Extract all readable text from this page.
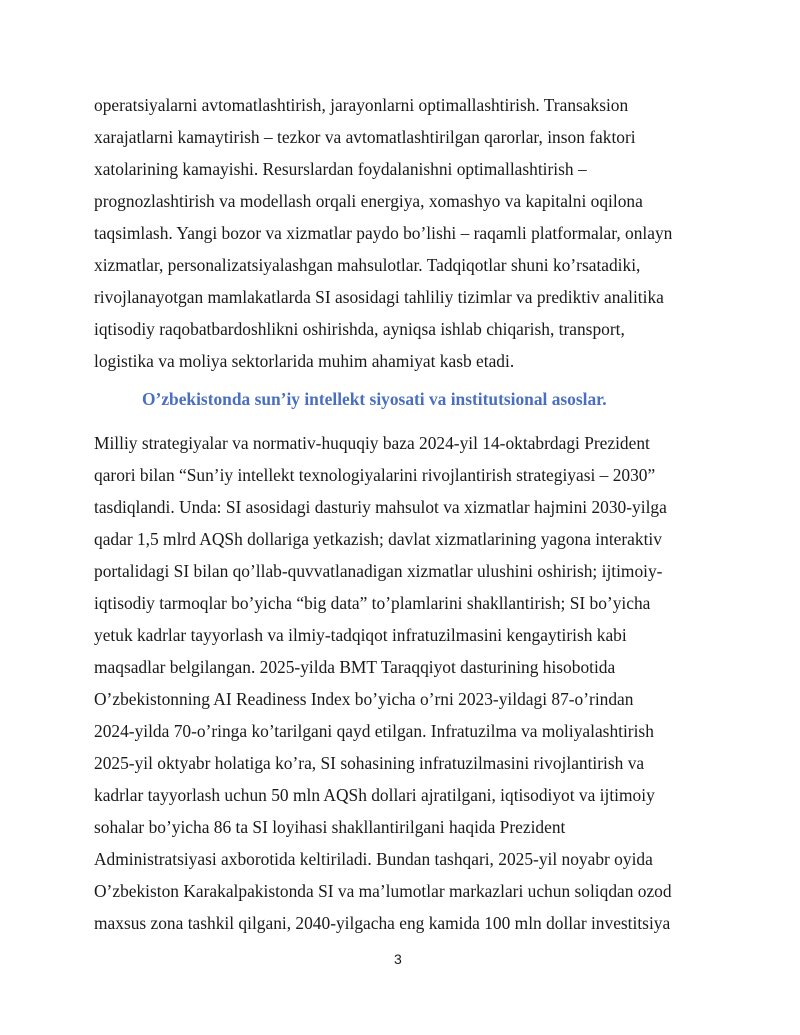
operatsiyalarni avtomatlashtirish, jarayonlarni optimallashtirish. Transaksion
xarajatlarni kamaytirish – tezkor va avtomatlashtirilgan qarorlar, inson faktori
xatolarining kamayishi. Resurslardan foydalanishni optimallashtirish –
prognozlashtirish va modellash orqali energiya, xomashyo va kapitalni oqilona
taqsimlash. Yangi bozor va xizmatlar paydo bo’lishi – raqamli platformalar, onlayn
xizmatlar, personalizatsiyalashgan mahsulotlar. Tadqiqotlar shuni ko’rsatadiki,
rivojlanayotgan mamlakatlarda SI asosidagi tahliliy tizimlar va prediktiv analitika
iqtisodiy raqobatbardoshlikni oshirishda, ayniqsa ishlab chiqarish, transport,
logistika va moliya sektorlarida muhim ahamiyat kasb etadi.
O’zbekistonda sun’iy intellekt siyosati va institutsional asoslar.
Milliy strategiyalar va normativ-huquqiy baza 2024-yil 14-oktabrdagi Prezident
qarori bilan “Sun’iy intellekt texnologiyalarini rivojlantirish strategiyasi – 2030”
tasdiqlandi. Unda: SI asosidagi dasturiy mahsulot va xizmatlar hajmini 2030-yilga
qadar 1,5 mlrd AQSh dollariga yetkazish; davlat xizmatlarining yagona interaktiv
portalidagi SI bilan qo’llab-quvvatlanadigan xizmatlar ulushini oshirish; ijtimoiy-
iqtisodiy tarmoqlar bo’yicha “big data” to’plamlarini shakllantirish; SI bo’yicha
yetuk kadrlar tayyorlash va ilmiy-tadqiqot infratuzilmasini kengaytirish kabi
maqsadlar belgilangan. 2025-yilda BMT Taraqqiyot dasturining hisobotida
O’zbekistonning AI Readiness Index bo’yicha o’rni 2023-yildagi 87-o’rindan
2024-yilda 70-o’ringa ko’tarilgani qayd etilgan. Infratuzilma va moliyalashtirish
2025-yil oktyabr holatiga ko’ra, SI sohasining infratuzilmasini rivojlantirish va
kadrlar tayyorlash uchun 50 mln AQSh dollari ajratilgani, iqtisodiyot va ijtimoiy
sohalar bo’yicha 86 ta SI loyihasi shakllantirilgani haqida Prezident
Administratsiyasi axborotida keltiriladi. Bundan tashqari, 2025-yil noyabr oyida
O’zbekiston Karakalpakistonda SI va ma’lumotlar markazlari uchun soliqdan ozod
maxsus zona tashkil qilgani, 2040-yilgacha eng kamida 100 mln dollar investitsiya
3
